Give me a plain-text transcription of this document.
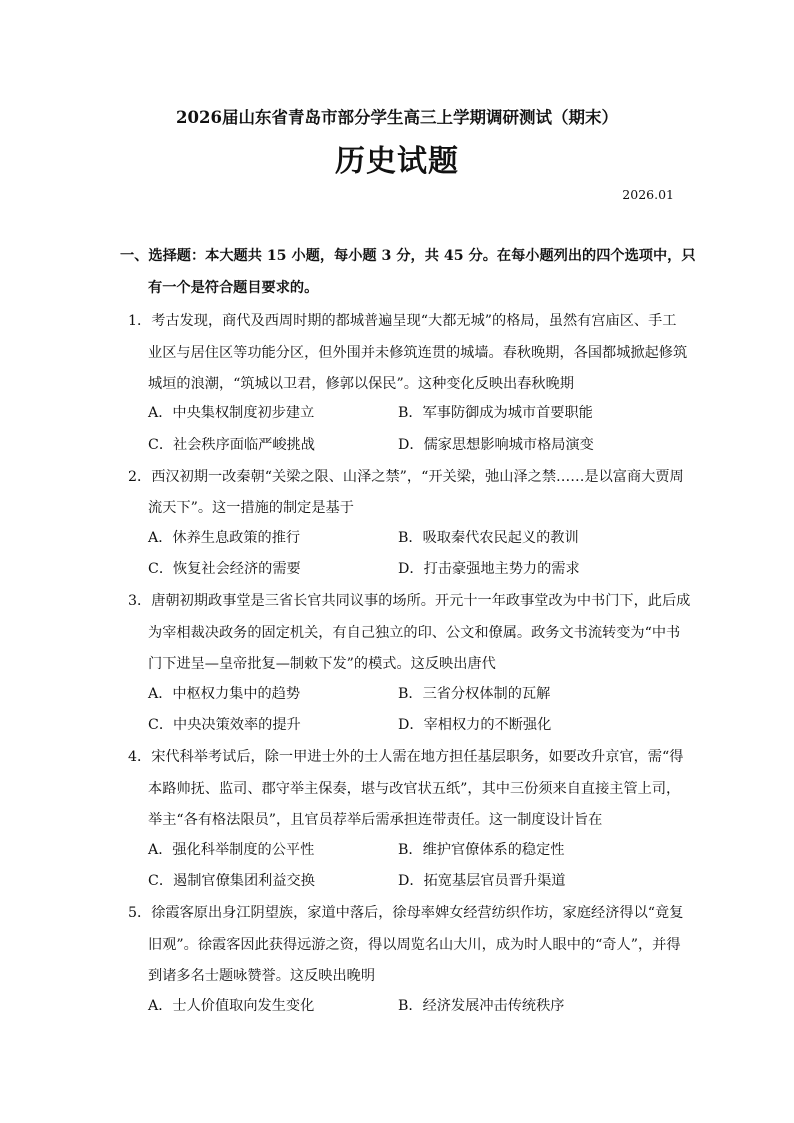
2026届山东省青岛市部分学生高三上学期调研测试（期末）
历史试题
2026.01
一、选择题：本大题共 15 小题，每小题 3 分，共 45 分。在每小题列出的四个选项中，只
有一个是符合题目要求的。
1．考古发现，商代及西周时期的都城普遍呈现“大都无城”的格局，虽然有宫庙区、手工
业区与居住区等功能分区，但外围并未修筑连贯的城墙。春秋晚期，各国都城掀起修筑
城垣的浪潮，“筑城以卫君，修郭以保民”。这种变化反映出春秋晚期
A．中央集权制度初步建立	B．军事防御成为城市首要职能
C．社会秩序面临严峻挑战	D．儒家思想影响城市格局演变
2．西汉初期一改秦朝“关梁之限、山泽之禁”，“开关梁，弛山泽之禁……是以富商大贾周
流天下”。这一措施的制定是基于
A．休养生息政策的推行	B．吸取秦代农民起义的教训
C．恢复社会经济的需要	D．打击豪强地主势力的需求
3．唐朝初期政事堂是三省长官共同议事的场所。开元十一年政事堂改为中书门下，此后成
为宰相裁决政务的固定机关，有自己独立的印、公文和僚属。政务文书流转变为“中书
门下进呈—皇帝批复—制敕下发”的模式。这反映出唐代
A．中枢权力集中的趋势	B．三省分权体制的瓦解
C．中央决策效率的提升	D．宰相权力的不断强化
4．宋代科举考试后，除一甲进士外的士人需在地方担任基层职务，如要改升京官，需“得
本路帅抚、监司、郡守举主保奏，堪与改官状五纸”，其中三份须来自直接主管上司，
举主“各有格法限员”，且官员荐举后需承担连带责任。这一制度设计旨在
A．强化科举制度的公平性	B．维护官僚体系的稳定性
C．遏制官僚集团利益交换	D．拓宽基层官员晋升渠道
5．徐霞客原出身江阴望族，家道中落后，徐母率婢女经营纺织作坊，家庭经济得以“竟复
旧观”。徐霞客因此获得远游之资，得以周览名山大川，成为时人眼中的“奇人”，并得
到诸多名士题咏赞誉。这反映出晚明
A．士人价值取向发生变化	B．经济发展冲击传统秩序
